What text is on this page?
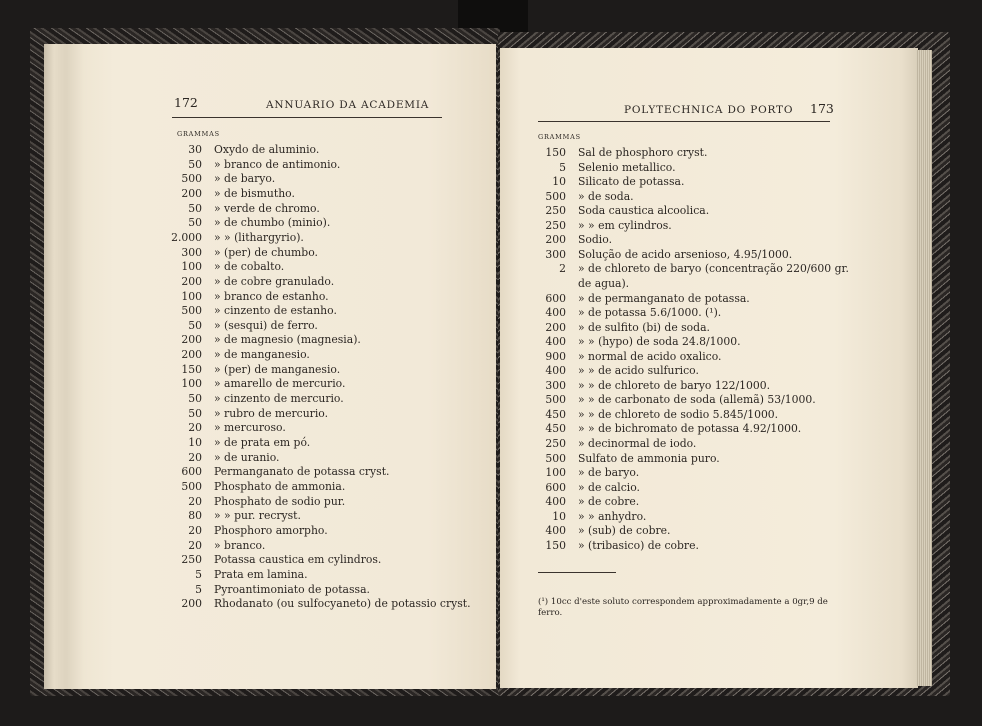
172	ANNUARIO DA ACADEMIA
GRAMMAS
30 Oxydo de aluminio.
50 » branco de antimonio.
500 » de baryo.
200 » de bismutho.
50 » verde de chromo.
50 » de chumbo (minio).
2.000 » » (lithargyrio).
300 » (per) de chumbo.
100 » de cobalto.
200 » de cobre granulado.
100 » branco de estanho.
500 » cinzento de estanho.
50 » (sesqui) de ferro.
200 » de magnesio (magnesia).
200 » de manganesio.
150 » (per) de manganesio.
100 » amarello de mercurio.
50 » cinzento de mercurio.
50 » rubro de mercurio.
20 » mercuroso.
10 » de prata em pó.
20 » de uranio.
600 Permanganato de potassa cryst.
500 Phosphato de ammonia.
20 Phosphato de sodio pur.
80 » » pur. recryst.
20 Phosphoro amorpho.
20 » branco.
250 Potassa caustica em cylindros.
5 Prata em lamina.
5 Pyroantimoniato de potassa.
200 Rhodanato (ou sulfocyaneto) de potassio cryst.
POLYTECHNICA DO PORTO 173
GRAMMAS
150 Sal de phosphoro cryst.
5 Selenio metallico.
10 Silicato de potassa.
500 » de soda.
250 Soda caustica alcoolica.
250 » » em cylindros.
200 Sodio.
300 Solução de acido arsenioso, 4.95/1000.
2 » de chloreto de baryo (concentração 220/600 gr.
de agua).
600 » de permanganato de potassa.
400 » de potassa 5.6/1000. (¹).
200 » de sulfito (bi) de soda.
400 » » (hypo) de soda 24.8/1000.
900 » normal de acido oxalico.
400 » » de acido sulfurico.
300 » » de chloreto de baryo 122/1000.
500 » » de carbonato de soda (allemã) 53/1000.
450 » » de chloreto de sodio 5.845/1000.
450 » » de bichromato de potassa 4.92/1000.
250 » decinormal de iodo.
500 Sulfato de ammonia puro.
100 » de baryo.
600 » de calcio.
400 » de cobre.
10 » » anhydro.
400 » (sub) de cobre.
150 » (tribasico) de cobre.
(¹) 10cc d'este soluto correspondem approximadamente a 0gr,9 de ferro.
